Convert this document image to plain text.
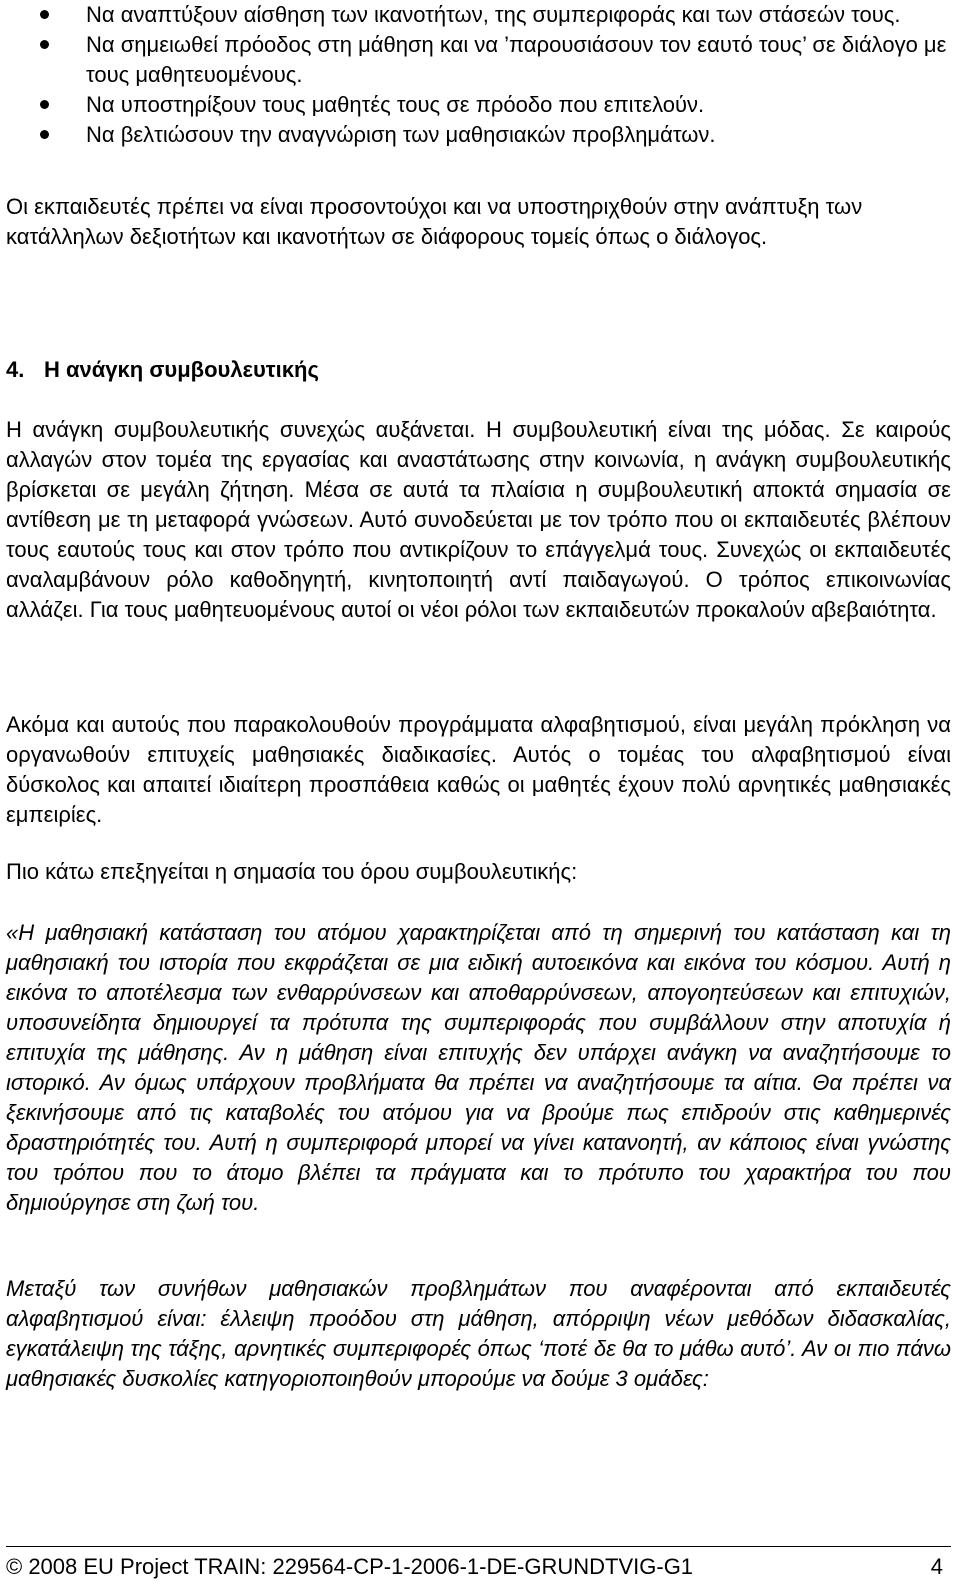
Να αναπτύξουν αίσθηση των ικανοτήτων, της συμπεριφοράς και των στάσεών τους.
Να σημειωθεί πρόοδος στη μάθηση και να ’παρουσιάσουν τον εαυτό τους’ σε διάλογο με τους μαθητευομένους.
Να υποστηρίξουν τους μαθητές τους σε πρόοδο που επιτελούν.
Να βελτιώσουν την αναγνώριση των μαθησιακών προβλημάτων.

Οι εκπαιδευτές πρέπει να είναι προσοντούχοι και να υποστηριχθούν στην ανάπτυξη των κατάλληλων δεξιοτήτων και ικανοτήτων σε διάφορους τομείς όπως ο διάλογος.

4. Η ανάγκη συμβουλευτικής

Η ανάγκη συμβουλευτικής συνεχώς αυξάνεται. Η συμβουλευτική είναι της μόδας. Σε καιρούς αλλαγών στον τομέα της εργασίας και αναστάτωσης στην κοινωνία, η ανάγκη συμβουλευτικής βρίσκεται σε μεγάλη ζήτηση. Μέσα σε αυτά τα πλαίσια η συμβουλευτική αποκτά σημασία σε αντίθεση με τη μεταφορά γνώσεων. Αυτό συνοδεύεται με τον τρόπο που οι εκπαιδευτές βλέπουν τους εαυτούς τους και στον τρόπο που αντικρίζουν το επάγγελμά τους. Συνεχώς οι εκπαιδευτές αναλαμβάνουν ρόλο καθοδηγητή, κινητοποιητή αντί παιδαγωγού. Ο τρόπος επικοινωνίας αλλάζει. Για τους μαθητευομένους αυτοί οι νέοι ρόλοι των εκπαιδευτών προκαλούν αβεβαιότητα.

Ακόμα και αυτούς που παρακολουθούν προγράμματα αλφαβητισμού, είναι μεγάλη πρόκληση να οργανωθούν επιτυχείς μαθησιακές διαδικασίες. Αυτός ο τομέας του αλφαβητισμού είναι δύσκολος και απαιτεί ιδιαίτερη προσπάθεια καθώς οι μαθητές έχουν πολύ αρνητικές μαθησιακές εμπειρίες.

Πιο κάτω επεξηγείται η σημασία του όρου συμβουλευτικής:

«Η μαθησιακή κατάσταση του ατόμου χαρακτηρίζεται από τη σημερινή του κατάσταση και τη μαθησιακή του ιστορία που εκφράζεται σε μια ειδική αυτοεικόνα και εικόνα του κόσμου. Αυτή η εικόνα το αποτέλεσμα των ενθαρρύνσεων και αποθαρρύνσεων, απογοητεύσεων και επιτυχιών, υποσυνείδητα δημιουργεί τα πρότυπα της συμπεριφοράς που συμβάλλουν στην αποτυχία ή επιτυχία της μάθησης. Αν η μάθηση είναι επιτυχής δεν υπάρχει ανάγκη να αναζητήσουμε το ιστορικό. Αν όμως υπάρχουν προβλήματα θα πρέπει να αναζητήσουμε τα αίτια. Θα πρέπει να ξεκινήσουμε από τις καταβολές του ατόμου για να βρούμε πως επιδρούν στις καθημερινές δραστηριότητές του. Αυτή η συμπεριφορά μπορεί να γίνει κατανοητή, αν κάποιος είναι γνώστης του τρόπου που το άτομο βλέπει τα πράγματα και το πρότυπο του χαρακτήρα του που δημιούργησε στη ζωή του.

Μεταξύ των συνήθων μαθησιακών προβλημάτων που αναφέρονται από εκπαιδευτές αλφαβητισμού είναι: έλλειψη προόδου στη μάθηση, απόρριψη νέων μεθόδων διδασκαλίας, εγκατάλειψη της τάξης, αρνητικές συμπεριφορές όπως ‘ποτέ δε θα το μάθω αυτό’. Αν οι πιο πάνω μαθησιακές δυσκολίες κατηγοριοποιηθούν μπορούμε να δούμε 3 ομάδες:

© 2008 EU Project TRAIN: 229564-CP-1-2006-1-DE-GRUNDTVIG-G1	4
